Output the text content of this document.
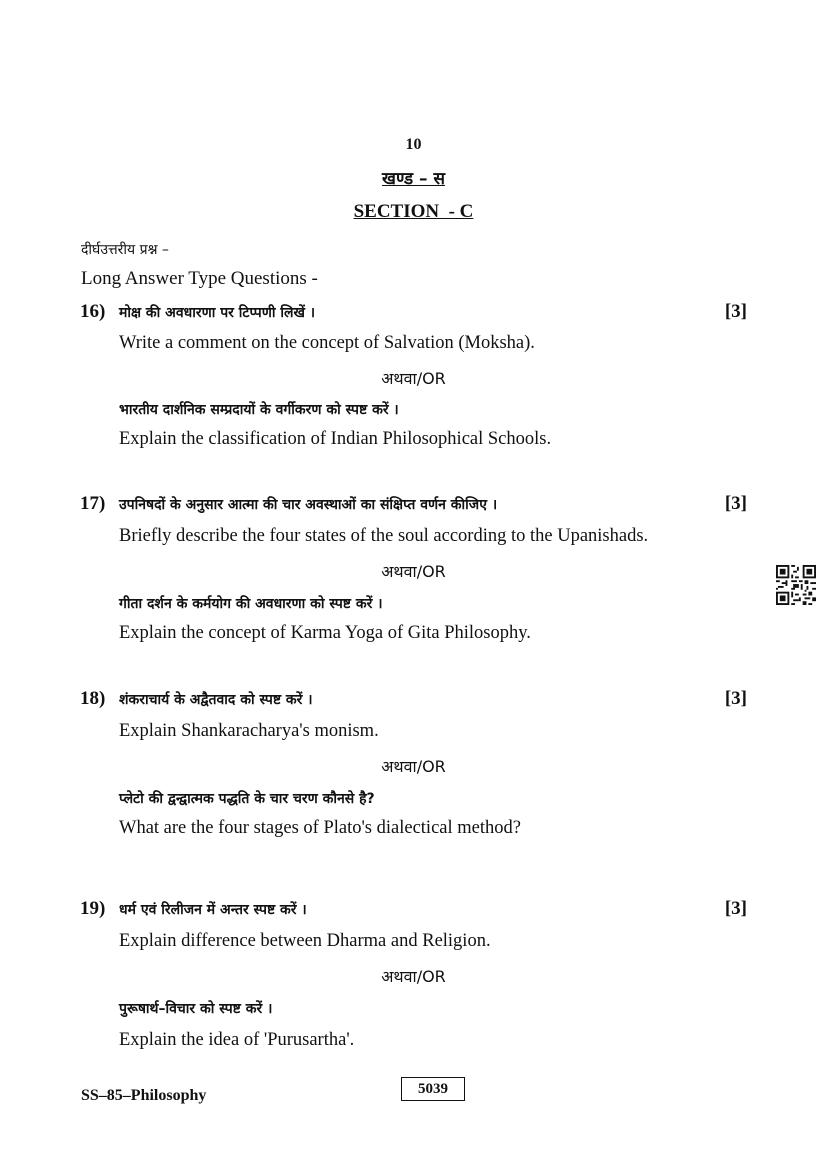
10
खण्ड – स
SECTION  - C
दीर्घउत्तरीय प्रश्न –
Long Answer Type Questions -
16) मोक्ष की अवधारणा पर टिप्पणी लिखें ।	[3]
Write a comment on the concept of Salvation (Moksha).
अथवा/OR
भारतीय दार्शनिक सम्प्रदायों के वर्गीकरण को स्पष्ट करें ।
Explain the classification of Indian Philosophical Schools.
17) उपनिषदों के अनुसार आत्मा की चार अवस्थाओं का संक्षिप्त वर्णन कीजिए ।	[3]
Briefly describe the four states of the soul according to the Upanishads.
अथवा/OR
गीता दर्शन के कर्मयोग की अवधारणा को स्पष्ट करें ।
Explain the concept of Karma Yoga of Gita Philosophy.
18) शंकराचार्य के अद्वैतवाद को स्पष्ट करें ।	[3]
Explain Shankaracharya's monism.
अथवा/OR
प्लेटो की द्वन्द्वात्मक पद्धति के चार चरण कौनसे है?
What are the four stages of Plato's dialectical method?
19) धर्म एवं रिलीजन में अन्तर स्पष्ट करें ।	[3]
Explain difference between Dharma and Religion.
अथवा/OR
पुरूषार्थ–विचार को स्पष्ट करें ।
Explain the idea of 'Purusartha'.
SS–85–Philosophy	5039
